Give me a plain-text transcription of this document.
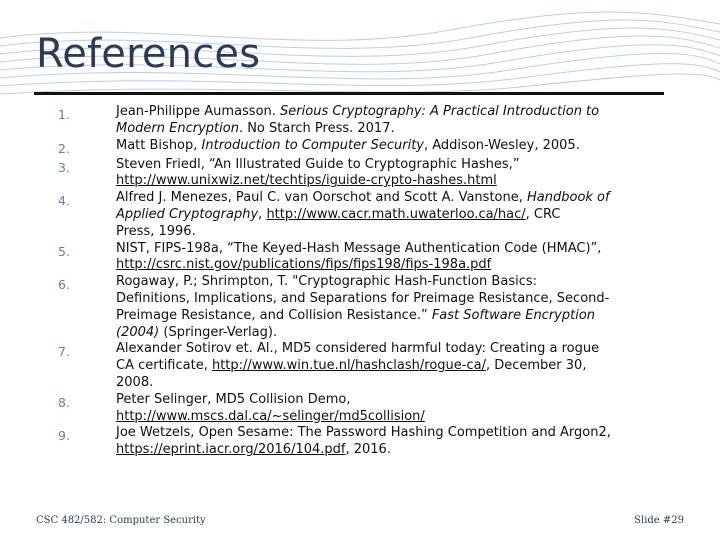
References
1.	Jean-Philippe Aumasson. Serious Cryptography: A Practical Introduction to
Modern Encryption. No Starch Press. 2017.
2.	Matt Bishop, Introduction to Computer Security, Addison-Wesley, 2005.
3.	Steven Friedl, “An Illustrated Guide to Cryptographic Hashes,”
http://www.unixwiz.net/techtips/iguide-crypto-hashes.html
4.	Alfred J. Menezes, Paul C. van Oorschot and Scott A. Vanstone, Handbook of
Applied Cryptography, http://www.cacr.math.uwaterloo.ca/hac/, CRC
Press, 1996.
5.	NIST, FIPS-198a, “The Keyed-Hash Message Authentication Code (HMAC)”,
http://csrc.nist.gov/publications/fips/fips198/fips-198a.pdf
6.	Rogaway, P.; Shrimpton, T. "Cryptographic Hash-Function Basics:
Definitions, Implications, and Separations for Preimage Resistance, Second-
Preimage Resistance, and Collision Resistance.” Fast Software Encryption
(2004) (Springer-Verlag).
7.	Alexander Sotirov et. Al., MD5 considered harmful today: Creating a rogue
CA certificate, http://www.win.tue.nl/hashclash/rogue-ca/, December 30,
2008.
8.	Peter Selinger, MD5 Collision Demo,
http://www.mscs.dal.ca/~selinger/md5collision/
9.	Joe Wetzels, Open Sesame: The Password Hashing Competition and Argon2,
https://eprint.iacr.org/2016/104.pdf, 2016.
CSC 482/582: Computer Security	Slide #29
